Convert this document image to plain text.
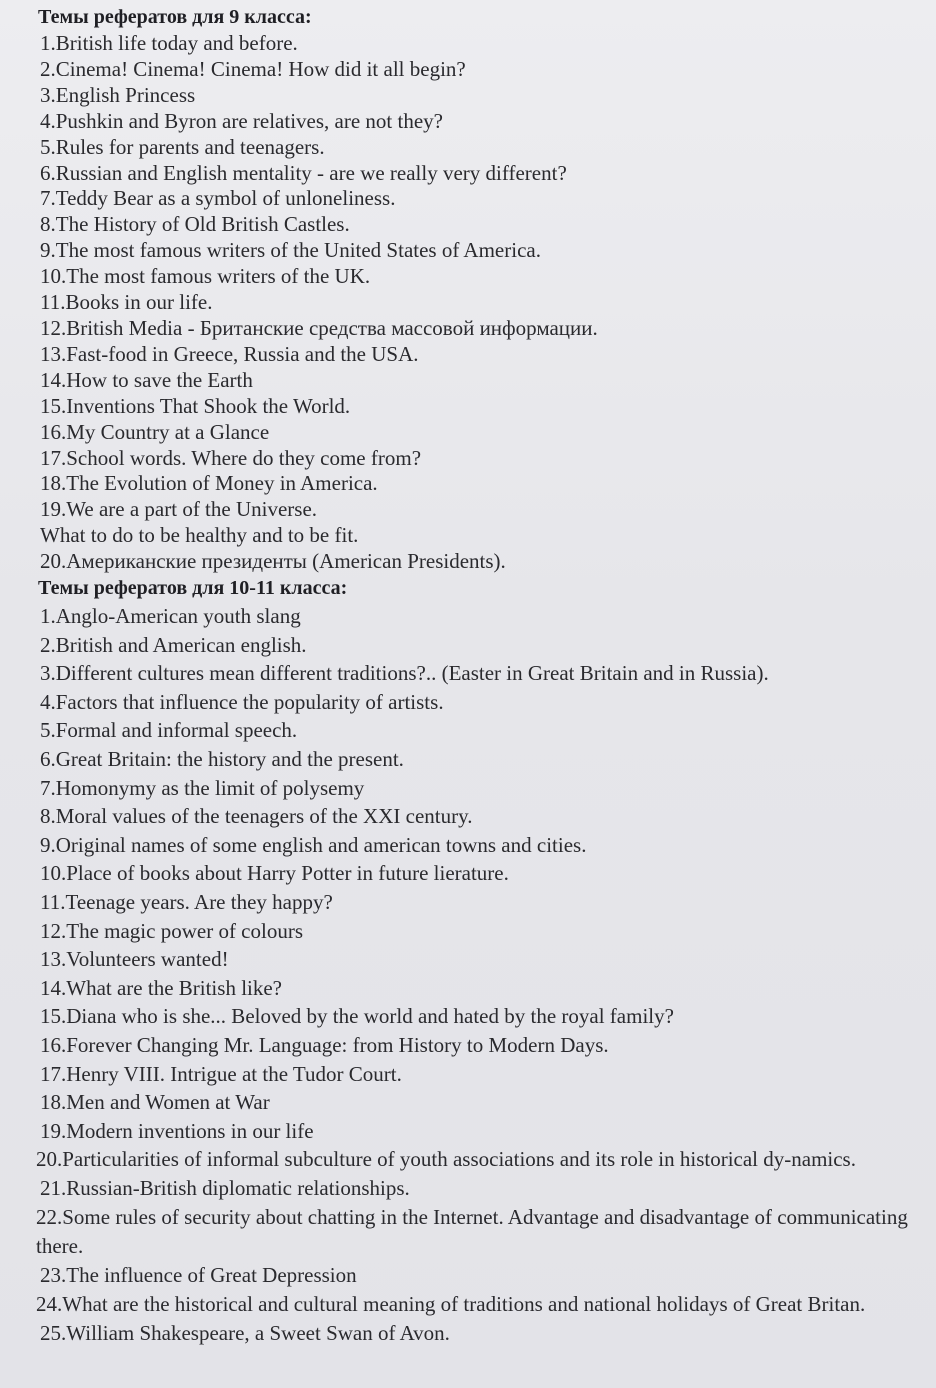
Темы рефератов для 9 класса:
1.British life today and before.
2.Cinema! Cinema! Cinema! How did it all begin?
3.English Princess
4.Pushkin and Byron are relatives, are not they?
5.Rules for parents and teenagers.
6.Russian and English mentality - are we really very different?
7.Teddy Bear as a symbol of unloneliness.
8.The History of Old British Castles.
9.The most famous writers of the United States of America.
10.The most famous writers of the UK.
11.Books in our life.
12.British Media - Британские средства массовой информации.
13.Fast-food in Greece, Russia and the USA.
14.How to save the Earth
15.Inventions That Shook the World.
16.My Country at a Glance
17.School words. Where do they come from?
18.The Evolution of Money in America.
19.We are a part of the Universe.
What to do to be healthy and to be fit.
20.Американские президенты (American Presidents).
Темы рефератов для 10-11 класса:
1.Anglo-American youth slang
2.British and American english.
3.Different cultures mean different traditions?.. (Easter in Great Britain and in Russia).
4.Factors that influence the popularity of artists.
5.Formal and informal speech.
6.Great Britain: the history and the present.
7.Homonymy as the limit of polysemy
8.Moral values of the teenagers of the XXI century.
9.Original names of some english and american towns and cities.
10.Place of books about Harry Potter in future lierature.
11.Teenage years. Are they happy?
12.The magic power of colours
13.Volunteers wanted!
14.What are the British like?
15.Diana who is she... Beloved by the world and hated by the royal family?
16.Forever Changing Mr. Language: from History to Modern Days.
17.Henry VIII. Intrigue at the Tudor Court.
18.Men and Women at War
19.Modern inventions in our life
20.Particularities of informal subculture of youth associations and its role in historical dy-namics.
21.Russian-British diplomatic relationships.
22.Some rules of security about chatting in the Internet. Advantage and disadvantage of communicating there.
23.The influence of Great Depression
24.What are the historical and cultural meaning of traditions and national holidays of Great Britan.
25.William Shakespeare, a Sweet Swan of Avon.
